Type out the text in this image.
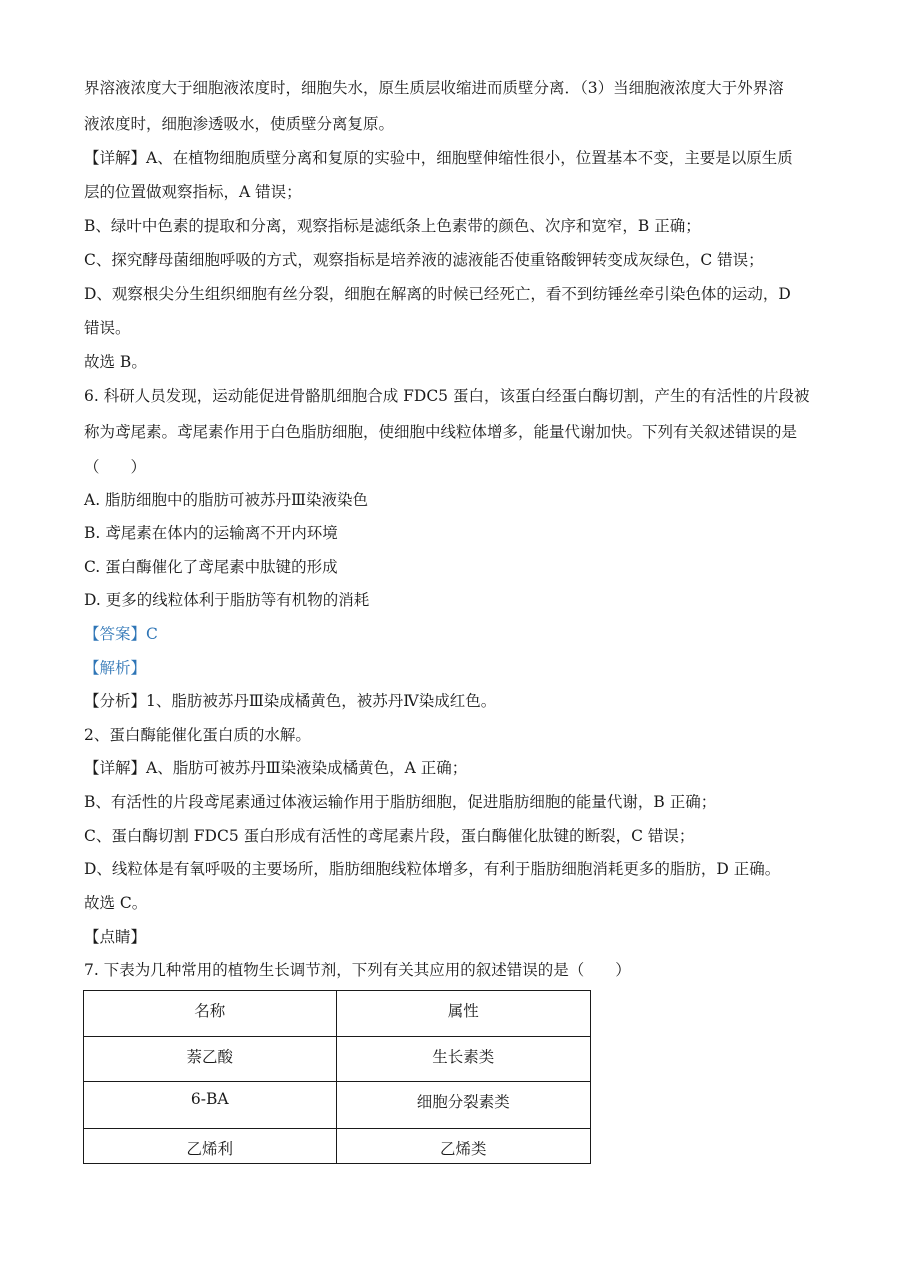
界溶液浓度大于细胞液浓度时，细胞失水，原生质层收缩进而质壁分离．（3）当细胞液浓度大于外界溶
液浓度时，细胞渗透吸水，使质壁分离复原。
【详解】A、在植物细胞质壁分离和复原的实验中，细胞壁伸缩性很小，位置基本不变，主要是以原生质
层的位置做观察指标，A 错误；
B、绿叶中色素的提取和分离，观察指标是滤纸条上色素带的颜色、次序和宽窄，B 正确；
C、探究酵母菌细胞呼吸的方式，观察指标是培养液的滤液能否使重铬酸钾转变成灰绿色，C 错误；
D、观察根尖分生组织细胞有丝分裂，细胞在解离的时候已经死亡，看不到纺锤丝牵引染色体的运动，D
错误。
故选 B。
6. 科研人员发现，运动能促进骨骼肌细胞合成 FDC5 蛋白，该蛋白经蛋白酶切割，产生的有活性的片段被
称为鸢尾素。鸢尾素作用于白色脂肪细胞，使细胞中线粒体增多，能量代谢加快。下列有关叙述错误的是
（　　）
A. 脂肪细胞中的脂肪可被苏丹Ⅲ染液染色
B. 鸢尾素在体内的运输离不开内环境
C. 蛋白酶催化了鸢尾素中肽键的形成
D. 更多的线粒体利于脂肪等有机物的消耗
【答案】C
【解析】
【分析】1、脂肪被苏丹Ⅲ染成橘黄色，被苏丹Ⅳ染成红色。
2、蛋白酶能催化蛋白质的水解。
【详解】A、脂肪可被苏丹Ⅲ染液染成橘黄色，A 正确；
B、有活性的片段鸢尾素通过体液运输作用于脂肪细胞，促进脂肪细胞的能量代谢，B 正确；
C、蛋白酶切割 FDC5 蛋白形成有活性的鸢尾素片段，蛋白酶催化肽键的断裂，C 错误；
D、线粒体是有氧呼吸的主要场所，脂肪细胞线粒体增多，有利于脂肪细胞消耗更多的脂肪，D 正确。
故选 C。
【点睛】
7. 下表为几种常用的植物生长调节剂，下列有关其应用的叙述错误的是（　　）
名称	属性

萘乙酸	生长素类

6-BA	细胞分裂素类

乙烯利	乙烯类
